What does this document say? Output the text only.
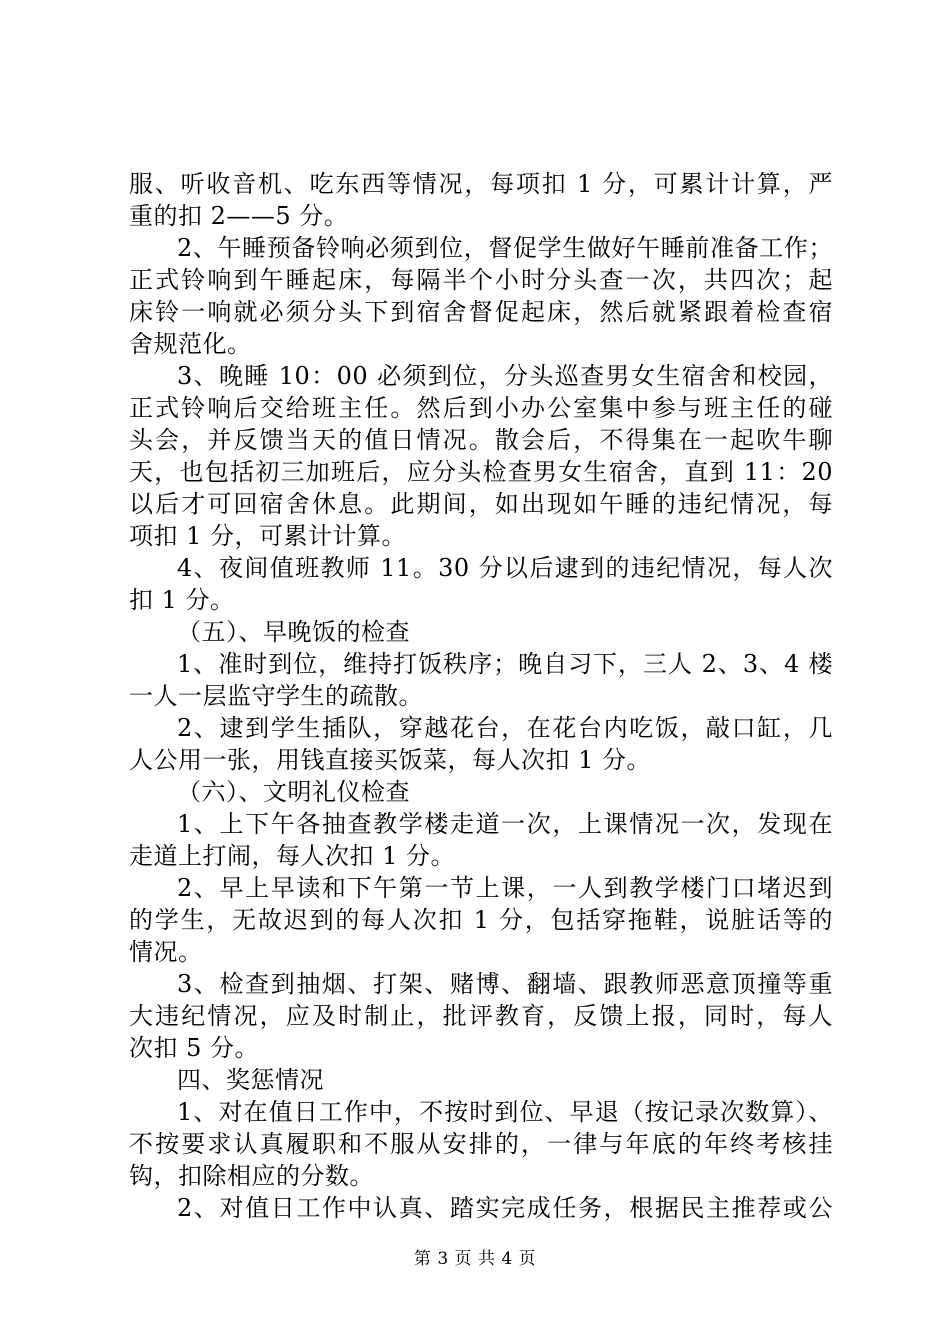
服、听收音机、吃东西等情况，每项扣 1 分，可累计计算，严
重的扣 2——5 分。
2、午睡预备铃响必须到位，督促学生做好午睡前准备工作；
正式铃响到午睡起床，每隔半个小时分头查一次，共四次；起
床铃一响就必须分头下到宿舍督促起床，然后就紧跟着检查宿
舍规范化。
3、晚睡 10：00 必须到位，分头巡查男女生宿舍和校园，
正式铃响后交给班主任。然后到小办公室集中参与班主任的碰
头会，并反馈当天的值日情况。散会后，不得集在一起吹牛聊
天，也包括初三加班后，应分头检查男女生宿舍，直到 11：20
以后才可回宿舍休息。此期间，如出现如午睡的违纪情况，每
项扣 1 分，可累计计算。
4、夜间值班教师 11。30 分以后逮到的违纪情况，每人次
扣 1 分。
（五）、早晚饭的检查
1、准时到位，维持打饭秩序；晚自习下，三人 2、3、4 楼
一人一层监守学生的疏散。
2、逮到学生插队，穿越花台，在花台内吃饭，敲口缸，几
人公用一张，用钱直接买饭菜，每人次扣 1 分。
（六）、文明礼仪检查
1、上下午各抽查教学楼走道一次，上课情况一次，发现在
走道上打闹，每人次扣 1 分。
2、早上早读和下午第一节上课，一人到教学楼门口堵迟到
的学生，无故迟到的每人次扣 1 分，包括穿拖鞋，说脏话等的
情况。
3、检查到抽烟、打架、赌博、翻墙、跟教师恶意顶撞等重
大违纪情况，应及时制止，批评教育，反馈上报，同时，每人
次扣 5 分。
四、奖惩情况
1、对在值日工作中，不按时到位、早退（按记录次数算）、
不按要求认真履职和不服从安排的，一律与年底的年终考核挂
钩，扣除相应的分数。
2、对值日工作中认真、踏实完成任务，根据民主推荐或公
第 3 页 共 4 页
